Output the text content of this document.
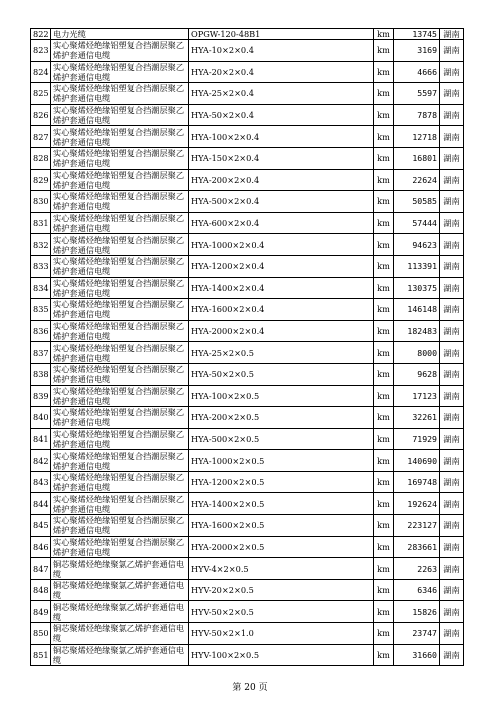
822	电力光缆	OPGW-120-48B1	km	13745	湖南
823	实心聚烯烃绝缘铝塑复合挡潮层聚乙烯护套通信电缆	HYA-10×2×0.4	km	3169	湖南
824	实心聚烯烃绝缘铝塑复合挡潮层聚乙烯护套通信电缆	HYA-20×2×0.4	km	4666	湖南
825	实心聚烯烃绝缘铝塑复合挡潮层聚乙烯护套通信电缆	HYA-25×2×0.4	km	5597	湖南
826	实心聚烯烃绝缘铝塑复合挡潮层聚乙烯护套通信电缆	HYA-50×2×0.4	km	7878	湖南
827	实心聚烯烃绝缘铝塑复合挡潮层聚乙烯护套通信电缆	HYA-100×2×0.4	km	12718	湖南
828	实心聚烯烃绝缘铝塑复合挡潮层聚乙烯护套通信电缆	HYA-150×2×0.4	km	16801	湖南
829	实心聚烯烃绝缘铝塑复合挡潮层聚乙烯护套通信电缆	HYA-200×2×0.4	km	22624	湖南
830	实心聚烯烃绝缘铝塑复合挡潮层聚乙烯护套通信电缆	HYA-500×2×0.4	km	50585	湖南
831	实心聚烯烃绝缘铝塑复合挡潮层聚乙烯护套通信电缆	HYA-600×2×0.4	km	57444	湖南
832	实心聚烯烃绝缘铝塑复合挡潮层聚乙烯护套通信电缆	HYA-1000×2×0.4	km	94623	湖南
833	实心聚烯烃绝缘铝塑复合挡潮层聚乙烯护套通信电缆	HYA-1200×2×0.4	km	113391	湖南
834	实心聚烯烃绝缘铝塑复合挡潮层聚乙烯护套通信电缆	HYA-1400×2×0.4	km	130375	湖南
835	实心聚烯烃绝缘铝塑复合挡潮层聚乙烯护套通信电缆	HYA-1600×2×0.4	km	146148	湖南
836	实心聚烯烃绝缘铝塑复合挡潮层聚乙烯护套通信电缆	HYA-2000×2×0.4	km	182483	湖南
837	实心聚烯烃绝缘铝塑复合挡潮层聚乙烯护套通信电缆	HYA-25×2×0.5	km	8000	湖南
838	实心聚烯烃绝缘铝塑复合挡潮层聚乙烯护套通信电缆	HYA-50×2×0.5	km	9628	湖南
839	实心聚烯烃绝缘铝塑复合挡潮层聚乙烯护套通信电缆	HYA-100×2×0.5	km	17123	湖南
840	实心聚烯烃绝缘铝塑复合挡潮层聚乙烯护套通信电缆	HYA-200×2×0.5	km	32261	湖南
841	实心聚烯烃绝缘铝塑复合挡潮层聚乙烯护套通信电缆	HYA-500×2×0.5	km	71929	湖南
842	实心聚烯烃绝缘铝塑复合挡潮层聚乙烯护套通信电缆	HYA-1000×2×0.5	km	140690	湖南
843	实心聚烯烃绝缘铝塑复合挡潮层聚乙烯护套通信电缆	HYA-1200×2×0.5	km	169748	湖南
844	实心聚烯烃绝缘铝塑复合挡潮层聚乙烯护套通信电缆	HYA-1400×2×0.5	km	192624	湖南
845	实心聚烯烃绝缘铝塑复合挡潮层聚乙烯护套通信电缆	HYA-1600×2×0.5	km	223127	湖南
846	实心聚烯烃绝缘铝塑复合挡潮层聚乙烯护套通信电缆	HYA-2000×2×0.5	km	283661	湖南
847	铜芯聚烯烃绝缘聚氯乙烯护套通信电缆	HYV-4×2×0.5	km	2263	湖南
848	铜芯聚烯烃绝缘聚氯乙烯护套通信电缆	HYV-20×2×0.5	km	6346	湖南
849	铜芯聚烯烃绝缘聚氯乙烯护套通信电缆	HYV-50×2×0.5	km	15826	湖南
850	铜芯聚烯烃绝缘聚氯乙烯护套通信电缆	HYV-50×2×1.0	km	23747	湖南
851	铜芯聚烯烃绝缘聚氯乙烯护套通信电缆	HYV-100×2×0.5	km	31660	湖南
第 20 页
